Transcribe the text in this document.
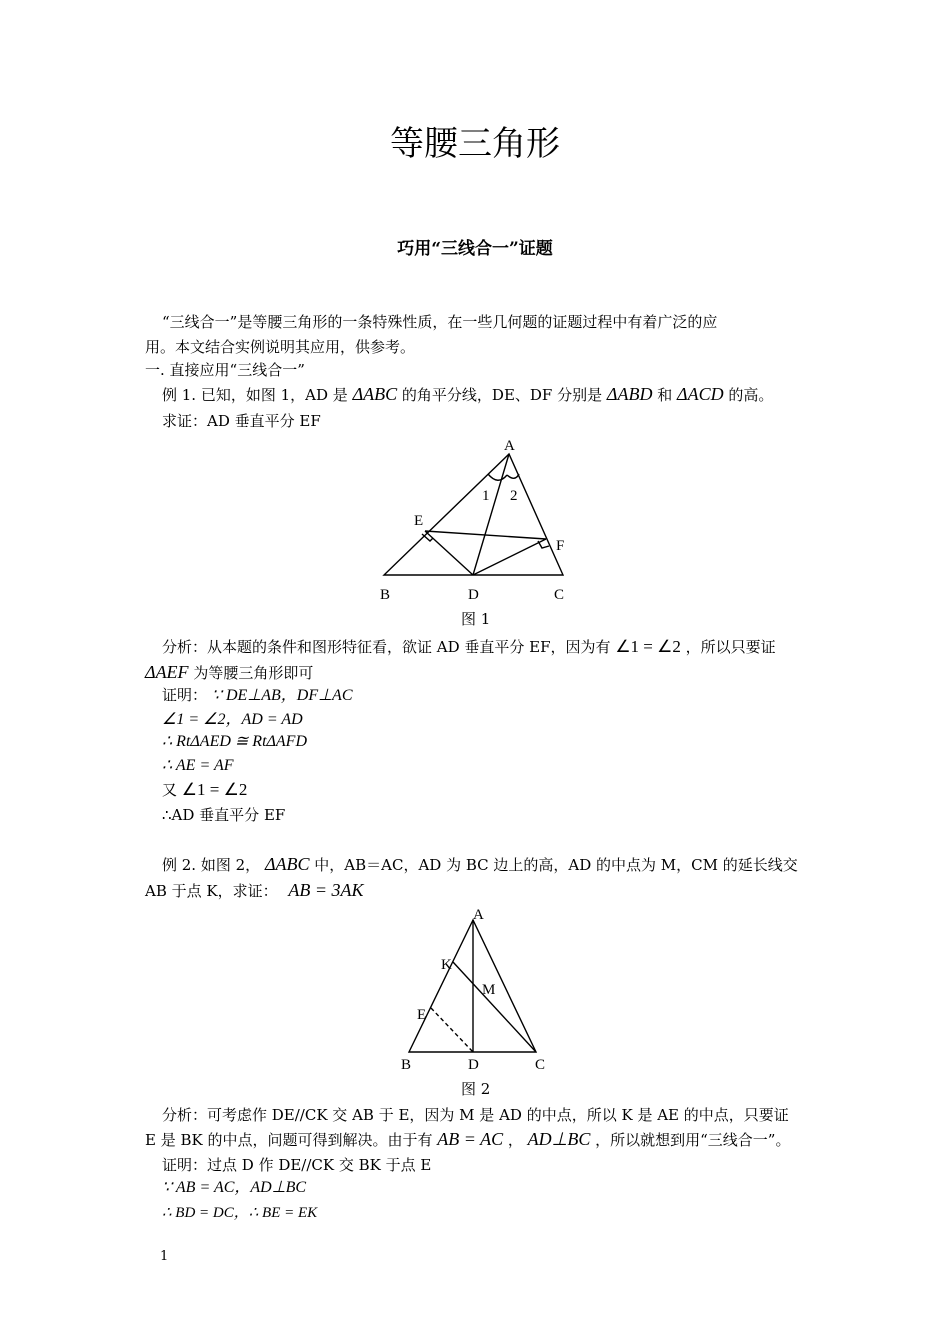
等腰三角形
巧用“三线合一”证题
“三线合一”是等腰三角形的一条特殊性质，在一些几何题的证题过程中有着广泛的应
用。本文结合实例说明其应用，供参考。
一. 直接应用“三线合一”
例 1. 已知，如图 1，AD 是 ΔABC 的角平分线，DE、DF 分别是 ΔABD 和 ΔACD 的高。
求证：AD 垂直平分 EF
A
1 2
E
F
B	D	C
图 1
分析：从本题的条件和图形特征看，欲证 AD 垂直平分 EF，因为有 ∠1 = ∠2 ，所以只要证
ΔAEF 为等腰三角形即可
证明： ∵ DE⊥AB，DF⊥AC
∠1 = ∠2，AD = AD
∴ RtΔAED ≅ RtΔAFD
∴ AE = AF
又 ∠1 = ∠2
∴AD 垂直平分 EF
例 2. 如图 2， ΔABC 中，AB＝AC，AD 为 BC 边上的高，AD 的中点为 M，CM 的延长线交
AB 于点 K，求证： AB = 3AK
A
K
M
E
B	D	C
图 2
分析：可考虑作 DE//CK 交 AB 于 E，因为 M 是 AD 的中点，所以 K 是 AE 的中点，只要证
E 是 BK 的中点，问题可得到解决。由于有 AB = AC ， AD⊥BC ，所以就想到用“三线合一”。
证明：过点 D 作 DE//CK 交 BK 于点 E
∵ AB = AC，AD⊥BC
∴ BD = DC，∴ BE = EK
1
